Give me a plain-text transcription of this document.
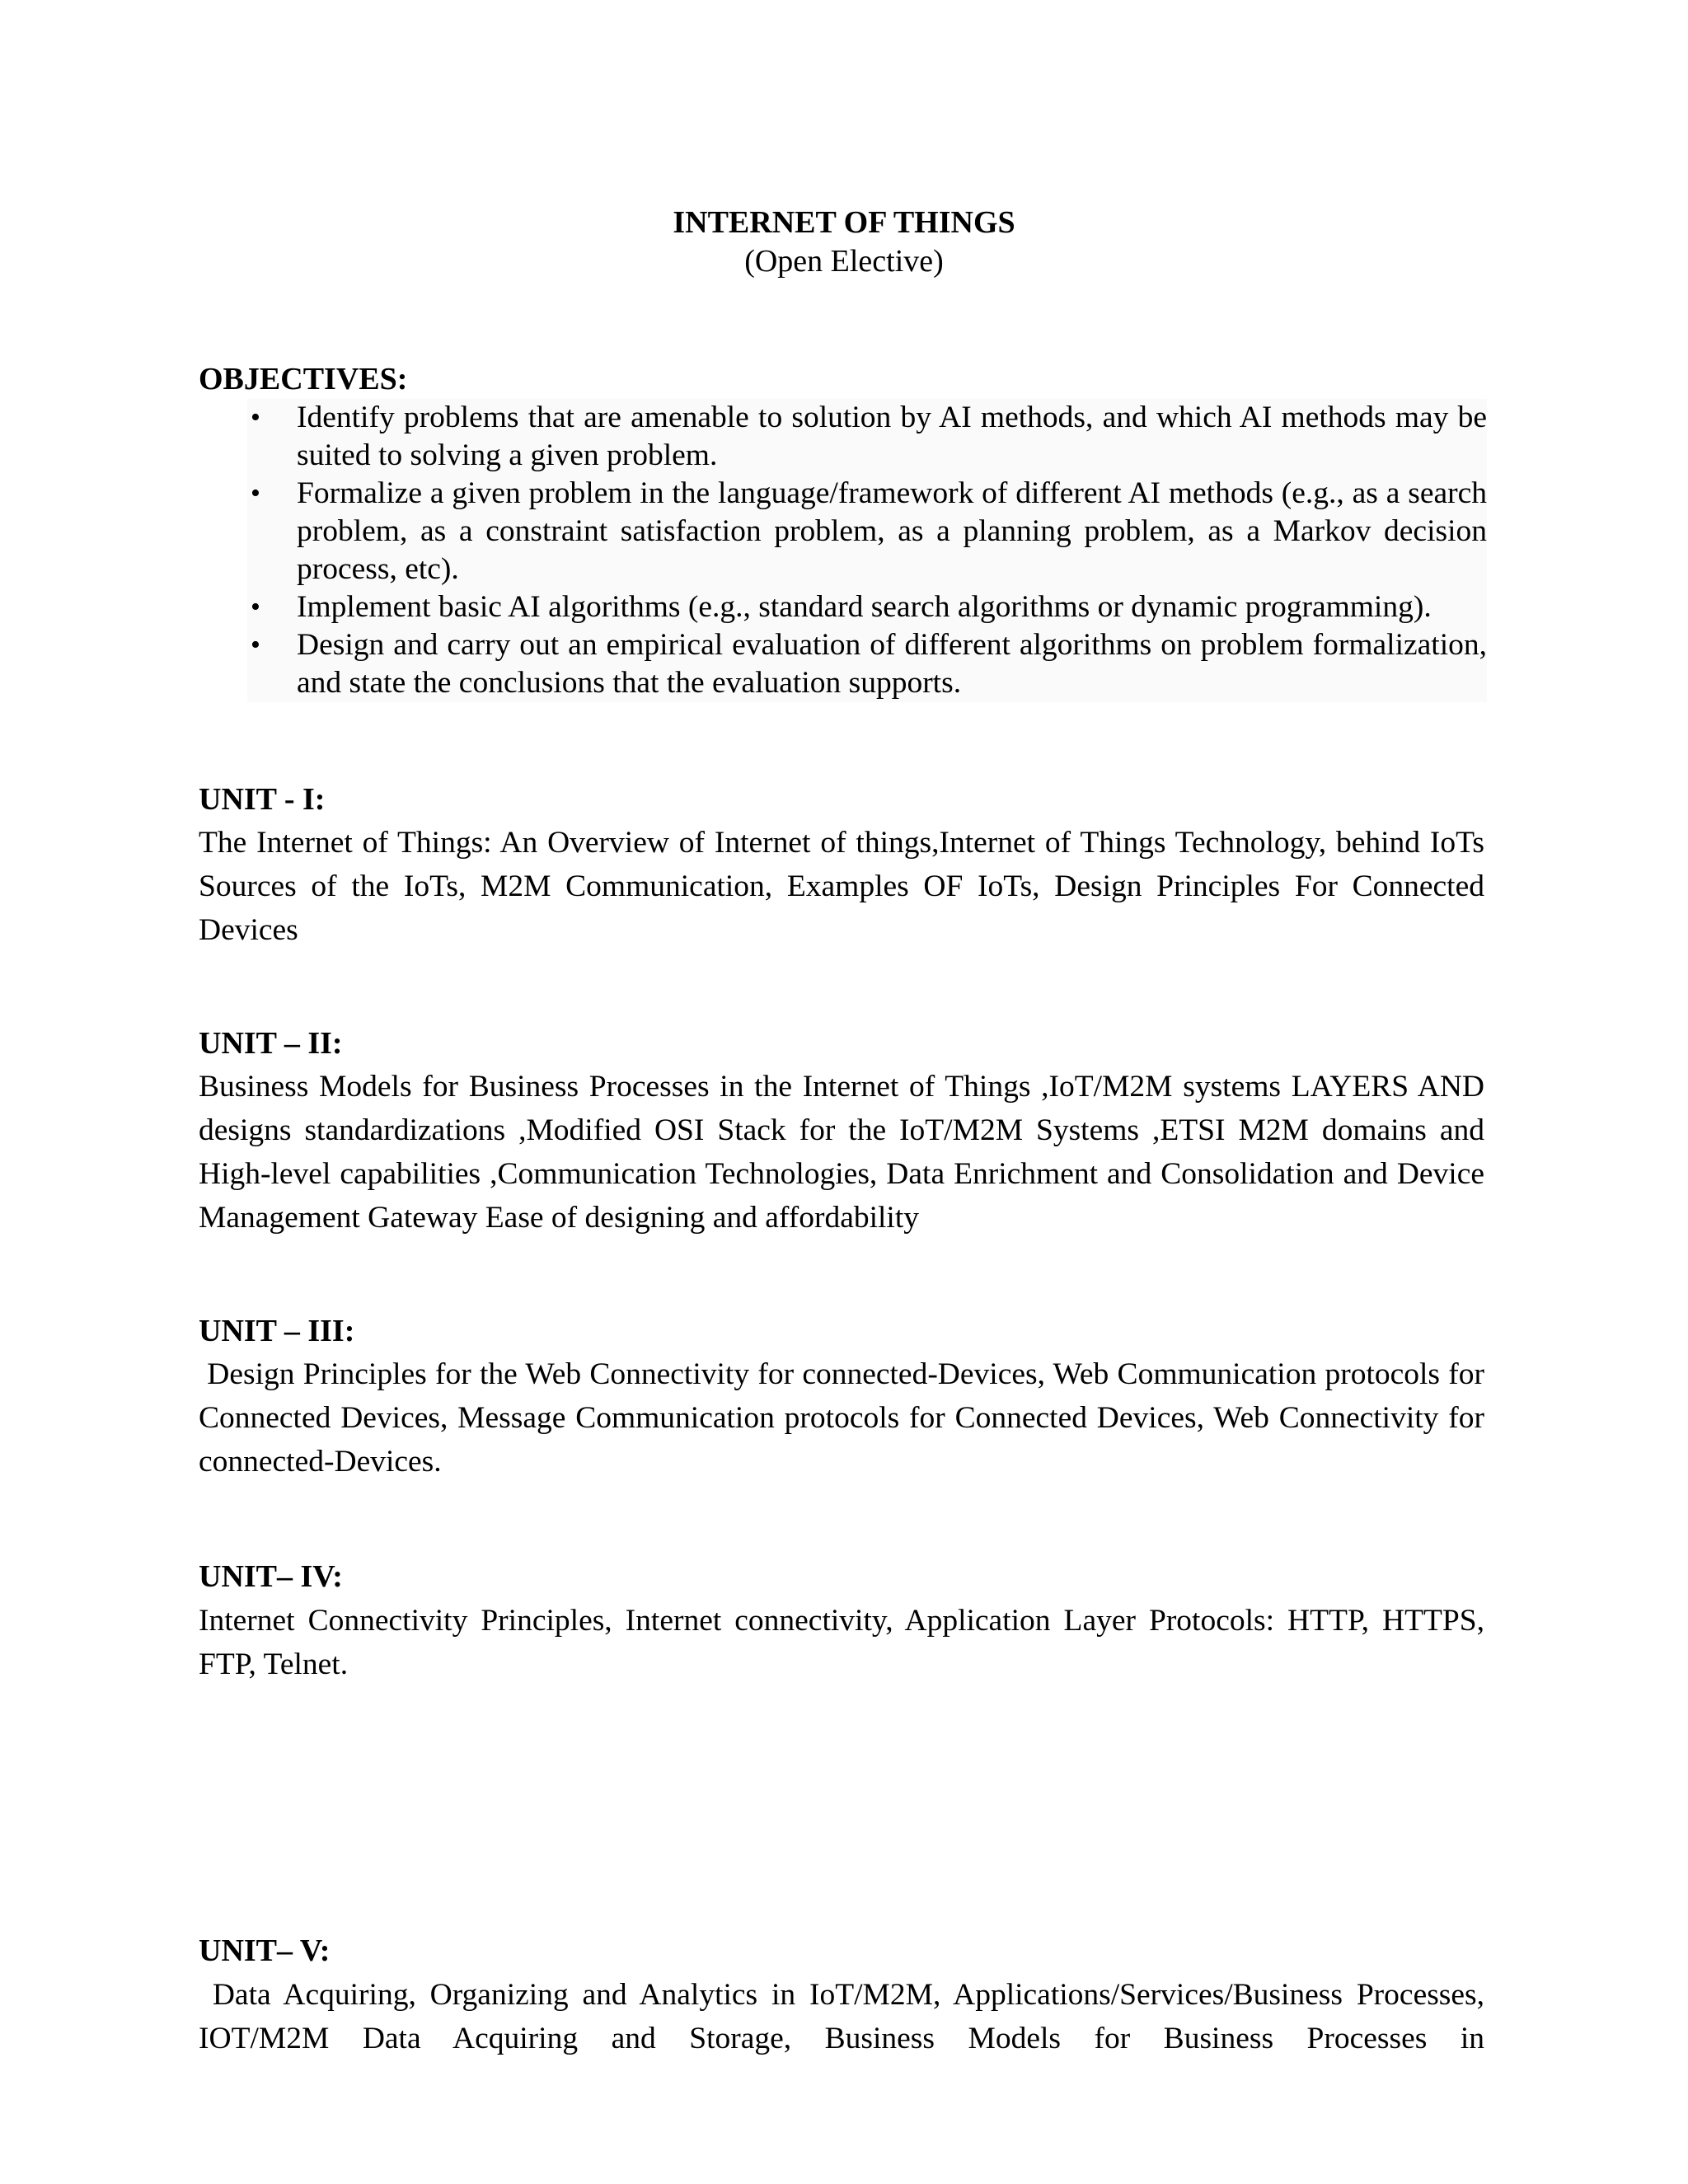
INTERNET OF THINGS
(Open Elective)
OBJECTIVES:
• Identify problems that are amenable to solution by AI methods, and which AI methods may be suited to solving a given problem.
• Formalize a given problem in the language/framework of different AI methods (e.g., as a search problem, as a constraint satisfaction problem, as a planning problem, as a Markov decision process, etc).
• Implement basic AI algorithms (e.g., standard search algorithms or dynamic programming).
• Design and carry out an empirical evaluation of different algorithms on problem formalization, and state the conclusions that the evaluation supports.
UNIT - I:

The Internet of Things: An Overview of Internet of things,Internet of Things Technology, behind IoTs Sources of the IoTs, M2M Communication, Examples OF IoTs, Design Principles For Connected Devices

UNIT – II:

Business Models for Business Processes in the Internet of Things ,IoT/M2M systems LAYERS AND designs standardizations ,Modified OSI Stack for the IoT/M2M Systems ,ETSI M2M domains and High-level capabilities ,Communication Technologies, Data Enrichment and Consolidation and Device Management Gateway Ease of designing and affordability

UNIT – III:

Design Principles for the Web Connectivity for connected-Devices, Web Communication protocols for Connected Devices, Message Communication protocols for Connected Devices, Web Connectivity for connected-Devices.

UNIT– IV:

Internet Connectivity Principles, Internet connectivity, Application Layer Protocols: HTTP, HTTPS, FTP, Telnet.

UNIT– V:

Data Acquiring, Organizing and Analytics in IoT/M2M, Applications/Services/Business Processes, IOT/M2M Data Acquiring and Storage, Business Models for Business Processes in
